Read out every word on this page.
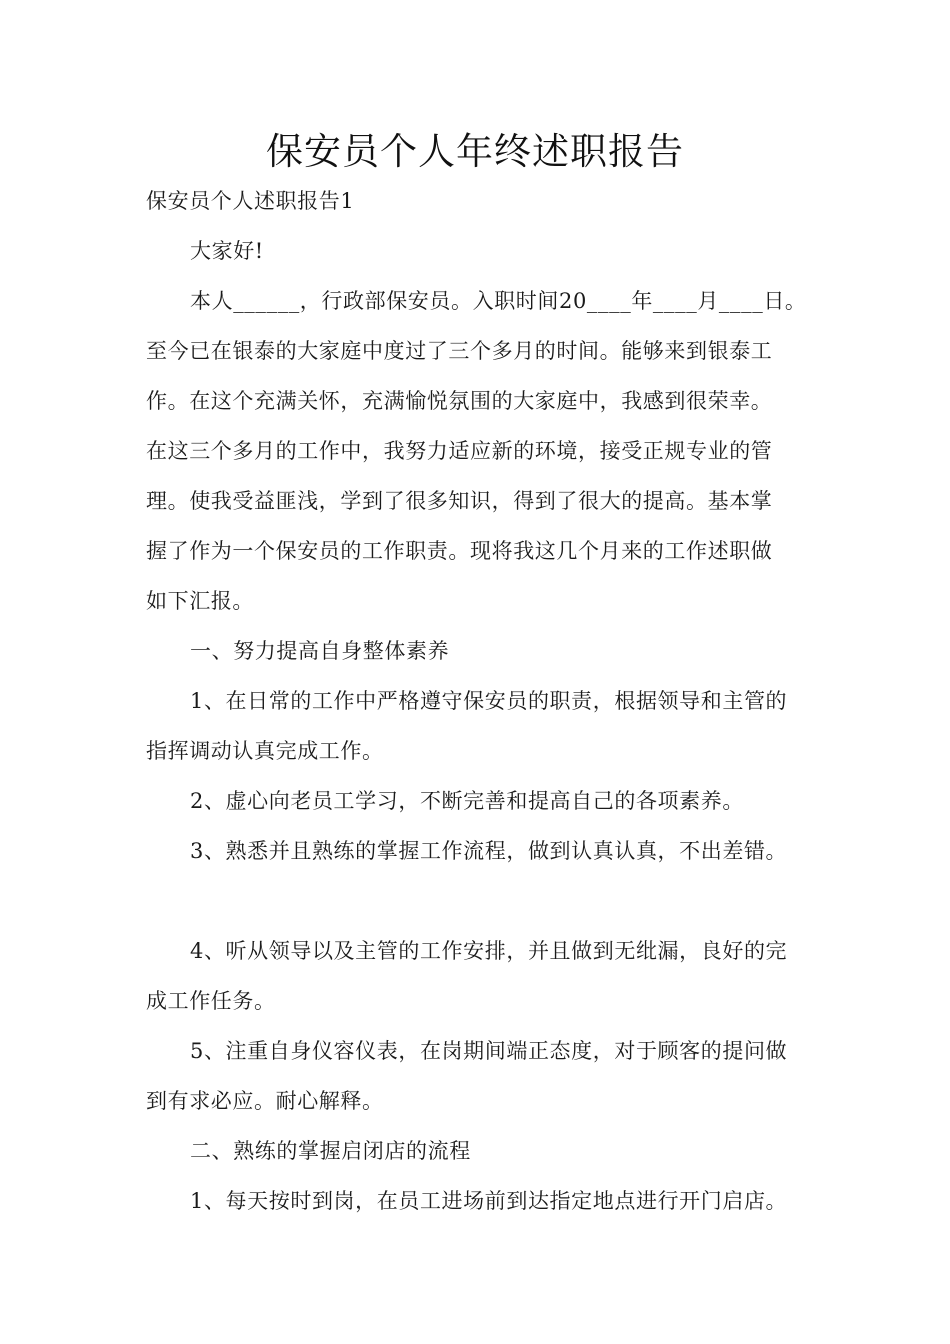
保安员个人年终述职报告
保安员个人述职报告1
大家好!
本人______，行政部保安员。入职时间20____年____月____日。
至今已在银泰的大家庭中度过了三个多月的时间。能够来到银泰工
作。在这个充满关怀，充满愉悦氛围的大家庭中，我感到很荣幸。
在这三个多月的工作中，我努力适应新的环境，接受正规专业的管
理。使我受益匪浅，学到了很多知识，得到了很大的提高。基本掌
握了作为一个保安员的工作职责。现将我这几个月来的工作述职做
如下汇报。
一、努力提高自身整体素养
1、在日常的工作中严格遵守保安员的职责，根据领导和主管的
指挥调动认真完成工作。
2、虚心向老员工学习，不断完善和提高自己的各项素养。
3、熟悉并且熟练的掌握工作流程，做到认真认真，不出差错。
4、听从领导以及主管的工作安排，并且做到无纰漏，良好的完
成工作任务。
5、注重自身仪容仪表，在岗期间端正态度，对于顾客的提问做
到有求必应。耐心解释。
二、熟练的掌握启闭店的流程
1、每天按时到岗，在员工进场前到达指定地点进行开门启店。
